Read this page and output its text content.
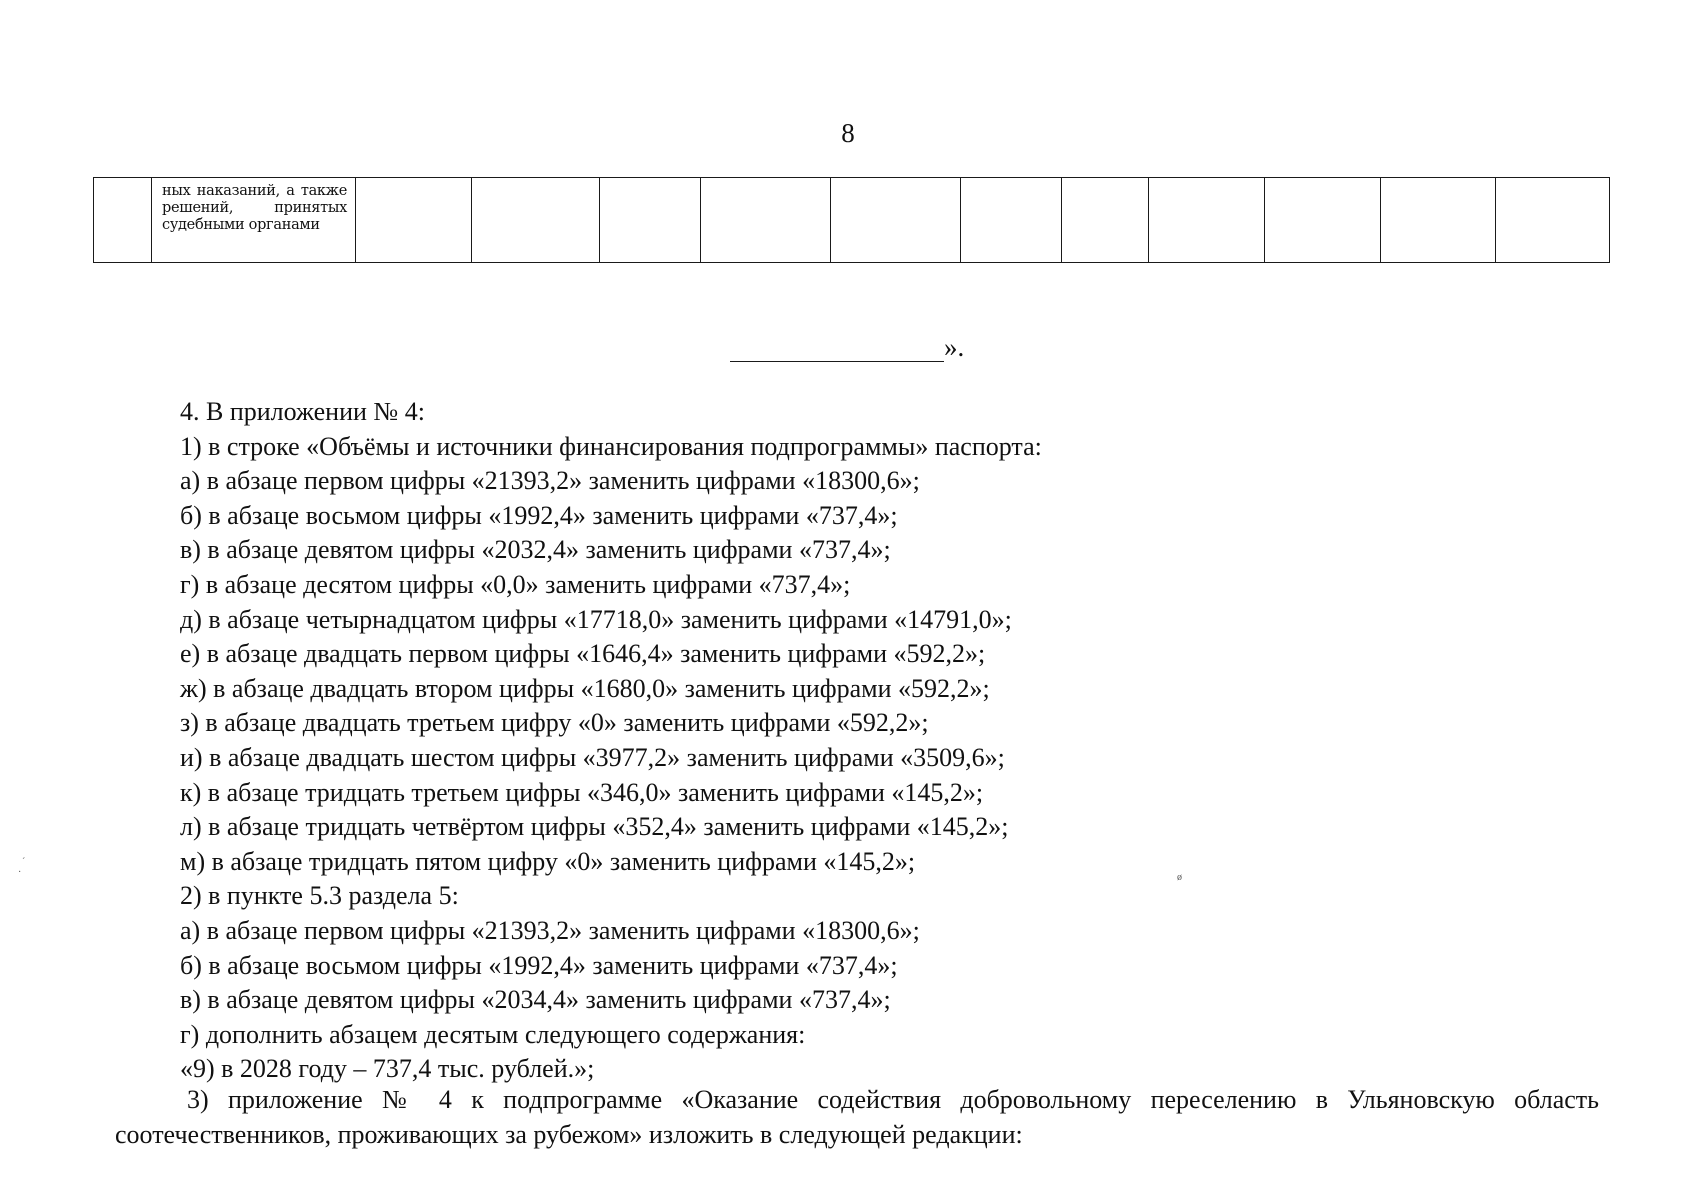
8

ных наказаний, а также решений, принятых судебными органами

».
4. В приложении № 4:
1) в строке «Объёмы и источники финансирования подпрограммы» паспорта:
а) в абзаце первом цифры «21393,2» заменить цифрами «18300,6»;
б) в абзаце восьмом цифры «1992,4» заменить цифрами «737,4»;
в) в абзаце девятом цифры «2032,4» заменить цифрами «737,4»;
г) в абзаце десятом цифры «0,0» заменить цифрами «737,4»;
д) в абзаце четырнадцатом цифры «17718,0» заменить цифрами «14791,0»;
е) в абзаце двадцать первом цифры «1646,4» заменить цифрами «592,2»;
ж) в абзаце двадцать втором цифры «1680,0» заменить цифрами «592,2»;
з) в абзаце двадцать третьем цифру «0» заменить цифрами «592,2»;
и) в абзаце двадцать шестом цифры «3977,2» заменить цифрами «3509,6»;
к) в абзаце тридцать третьем цифры «346,0» заменить цифрами «145,2»;
л) в абзаце тридцать четвёртом цифры «352,4» заменить цифрами «145,2»;
м) в абзаце тридцать пятом цифру «0» заменить цифрами «145,2»;
2) в пункте 5.3 раздела 5:
а) в абзаце первом цифры «21393,2» заменить цифрами «18300,6»;
б) в абзаце восьмом цифры «1992,4» заменить цифрами «737,4»;
в) в абзаце девятом цифры «2034,4» заменить цифрами «737,4»;
г) дополнить абзацем десятым следующего содержания:
«9) в 2028 году – 737,4 тыс. рублей.»;
3) приложение № 4 к подпрограмме «Оказание содействия добровольному переселению в Ульяновскую область соотечественников, проживающих за рубежом» изложить в следующей редакции:
´
·	ø
